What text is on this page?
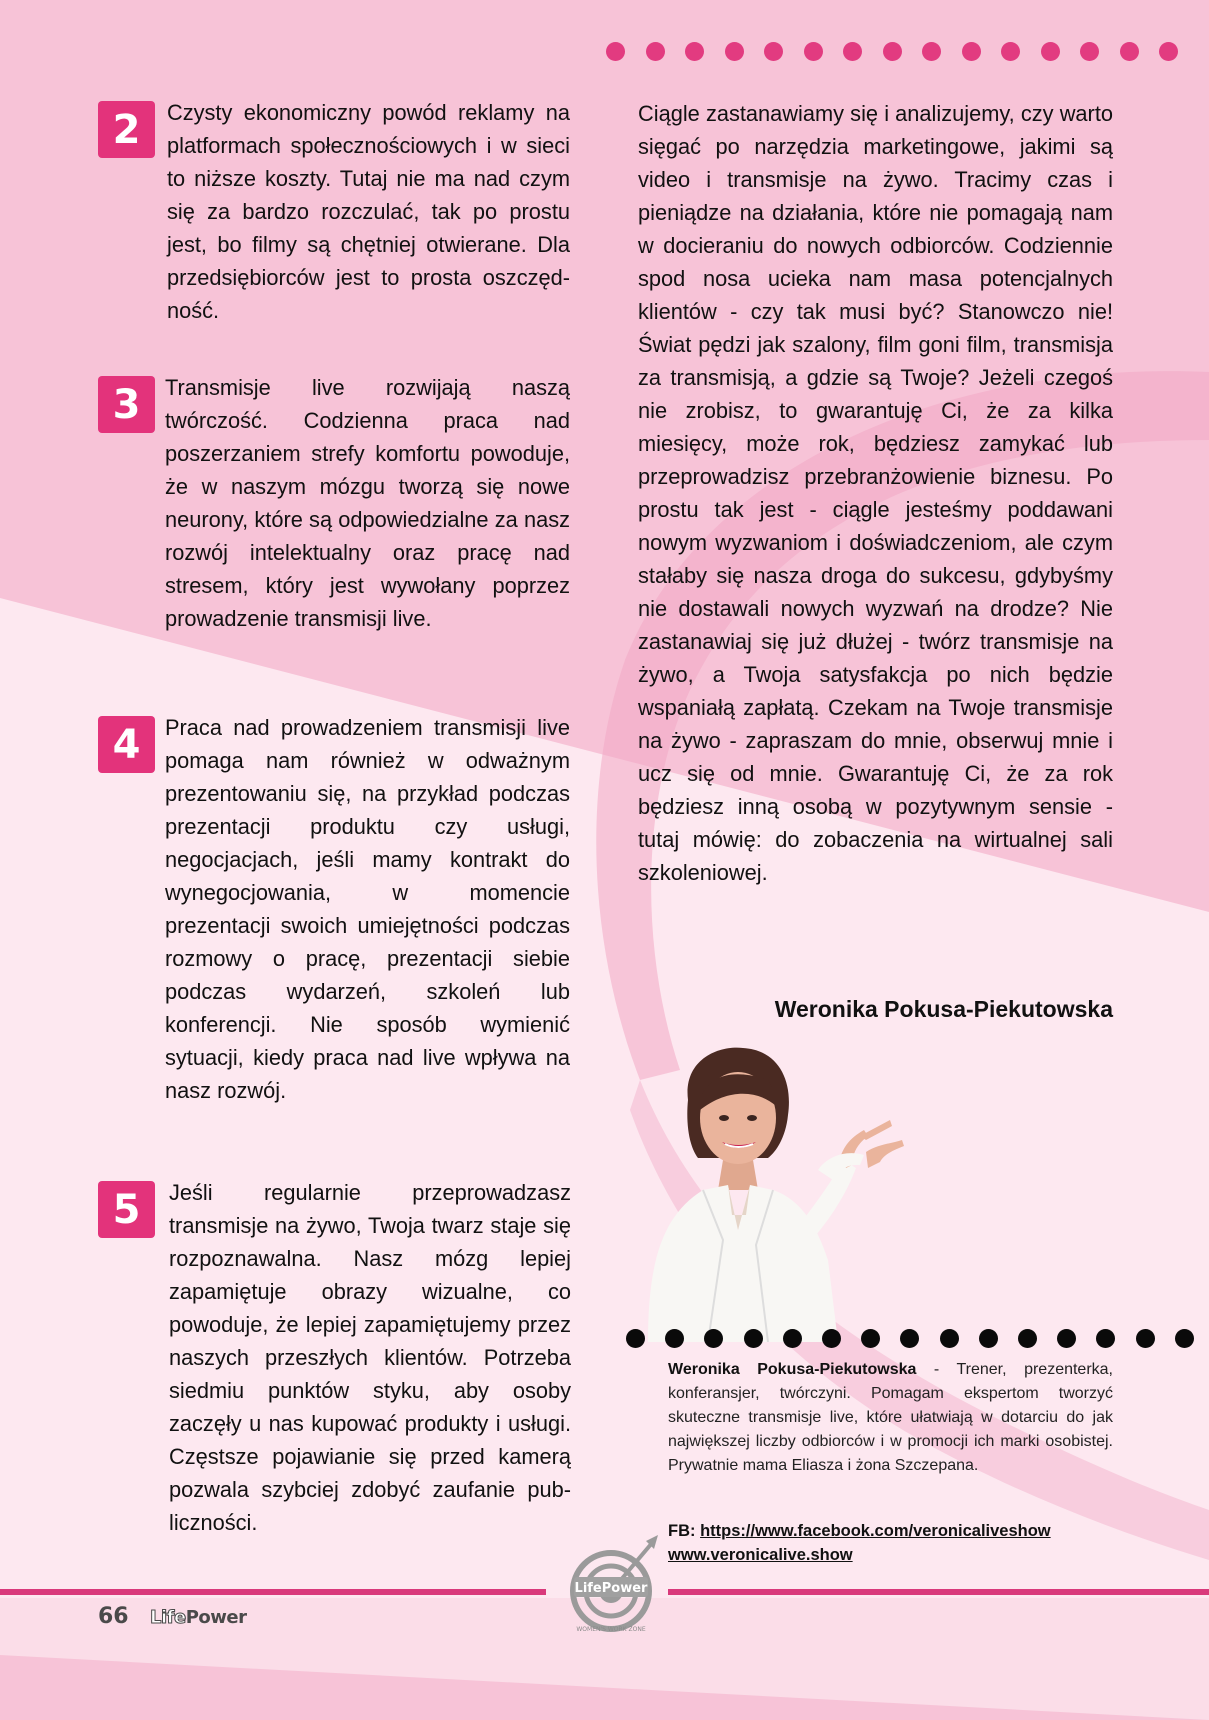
2	Czysty ekonomiczny powód reklamy na platformach społecznościowych i w sieci to niższe koszty. Tutaj nie ma nad czym się za bardzo rozczulać, tak po prostu jest, bo filmy są chętniej otwierane. Dla przedsiębiorców jest to prosta oszczędność.

3	Transmisje live rozwijają naszą twórczość. Codzienna praca nad poszerzaniem strefy komfortu powoduje, że w naszym mózgu tworzą się nowe neurony, które są odpowiedzialne za nasz rozwój intelektualny oraz pracę nad stresem, który jest wywołany poprzez prowadzenie transmisji live.

4	Praca nad prowadzeniem transmisji live pomaga nam również w odważnym prezentowaniu się, na przykład podczas prezentacji produktu czy usługi, negocjacjach, jeśli mamy kontrakt do wynegocjowania, w momencie prezentacji swoich umiejętności podczas rozmowy o pracę, prezentacji siebie podczas wydarzeń, szkoleń lub konferencji. Nie sposób wymienić sytuacji, kiedy praca nad live wpływa na nasz rozwój.

5	Jeśli regularnie przeprowadzasz transmisje na żywo, Twoja twarz staje się rozpoznawalna. Nasz mózg lepiej zapamiętuje obrazy wizualne, co powoduje, że lepiej zapamiętujemy przez naszych przeszłych klientów. Potrzeba siedmiu punktów styku, aby osoby zaczęły u nas kupować produkty i usługi. Częstsze pojawianie się przed kamerą pozwala szybciej zdobyć zaufanie publiczności.

Ciągle zastanawiamy się i analizujemy, czy warto sięgać po narzędzia marketingowe, jakimi są video i transmisje na żywo. Tracimy czas i pieniądze na działania, które nie pomagają nam w docieraniu do nowych odbiorców. Codziennie spod nosa ucieka nam masa potencjalnych klientów - czy tak musi być? Stanowczo nie! Świat pędzi jak szalony, film goni film, transmisja za transmisją, a gdzie są Twoje? Jeżeli czegoś nie zrobisz, to gwarantuję Ci, że za kilka miesięcy, może rok, będziesz zamykać lub przeprowadzisz przebranżowienie biznesu. Po prostu tak jest - ciągle jesteśmy poddawani nowym wyzwaniom i doświadczeniom, ale czym stałaby się nasza droga do sukcesu, gdybyśmy nie dostawali nowych wyzwań na drodze? Nie zastanawiaj się już dłużej - twórz transmisje na żywo, a Twoja satysfakcja po nich będzie wspaniałą zapłatą. Czekam na Twoje transmisje na żywo - zapraszam do mnie, obserwuj mnie i ucz się od mnie. Gwarantuję Ci, że za rok będziesz inną osobą w pozytywnym sensie - tutaj mówię: do zobaczenia na wirtualnej sali szkoleniowej.

Weronika Pokusa-Piekutowska

Weronika Pokusa-Piekutowska - Trener, prezenterka, konferansjer, twórczyni. Pomagam ekspertom tworzyć skuteczne transmisje live, które ułatwiają w dotarciu do jak największej liczby odbiorców i w promocji ich marki osobistej. Prywatnie mama Eliasza i żona Szczepana.

FB: https://www.facebook.com/veronicaliveshow
www.veronicalive.show
LifePower
WOMEN'S WORK ZONE
66 LifePower
